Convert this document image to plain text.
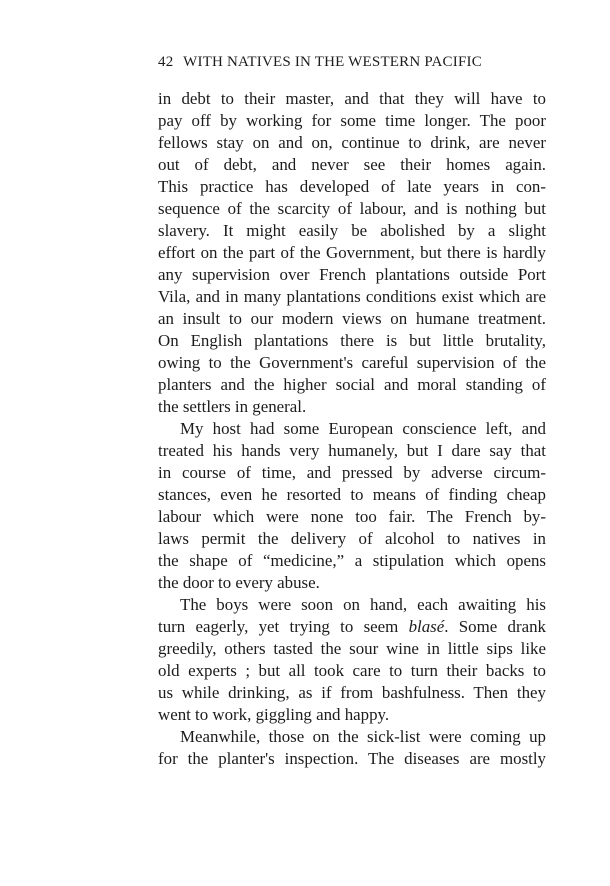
42 WITH NATIVES IN THE WESTERN PACIFIC
in debt to their master, and that they will have to
pay off by working for some time longer. The poor
fellows stay on and on, continue to drink, are never
out of debt, and never see their homes again.
This practice has developed of late years in con-
sequence of the scarcity of labour, and is nothing but
slavery. It might easily be abolished by a slight
effort on the part of the Government, but there is hardly
any supervision over French plantations outside Port
Vila, and in many plantations conditions exist which are
an insult to our modern views on humane treatment.
On English plantations there is but little brutality,
owing to the Government's careful supervision of the
planters and the higher social and moral standing of
the settlers in general.
My host had some European conscience left, and
treated his hands very humanely, but I dare say that
in course of time, and pressed by adverse circum-
stances, even he resorted to means of finding cheap
labour which were none too fair. The French by-
laws permit the delivery of alcohol to natives in
the shape of “medicine,” a stipulation which opens
the door to every abuse.
The boys were soon on hand, each awaiting his
turn eagerly, yet trying to seem blasé. Some drank
greedily, others tasted the sour wine in little sips like
old experts ; but all took care to turn their backs to
us while drinking, as if from bashfulness. Then they
went to work, giggling and happy.
Meanwhile, those on the sick-list were coming up
for the planter's inspection. The diseases are mostly
